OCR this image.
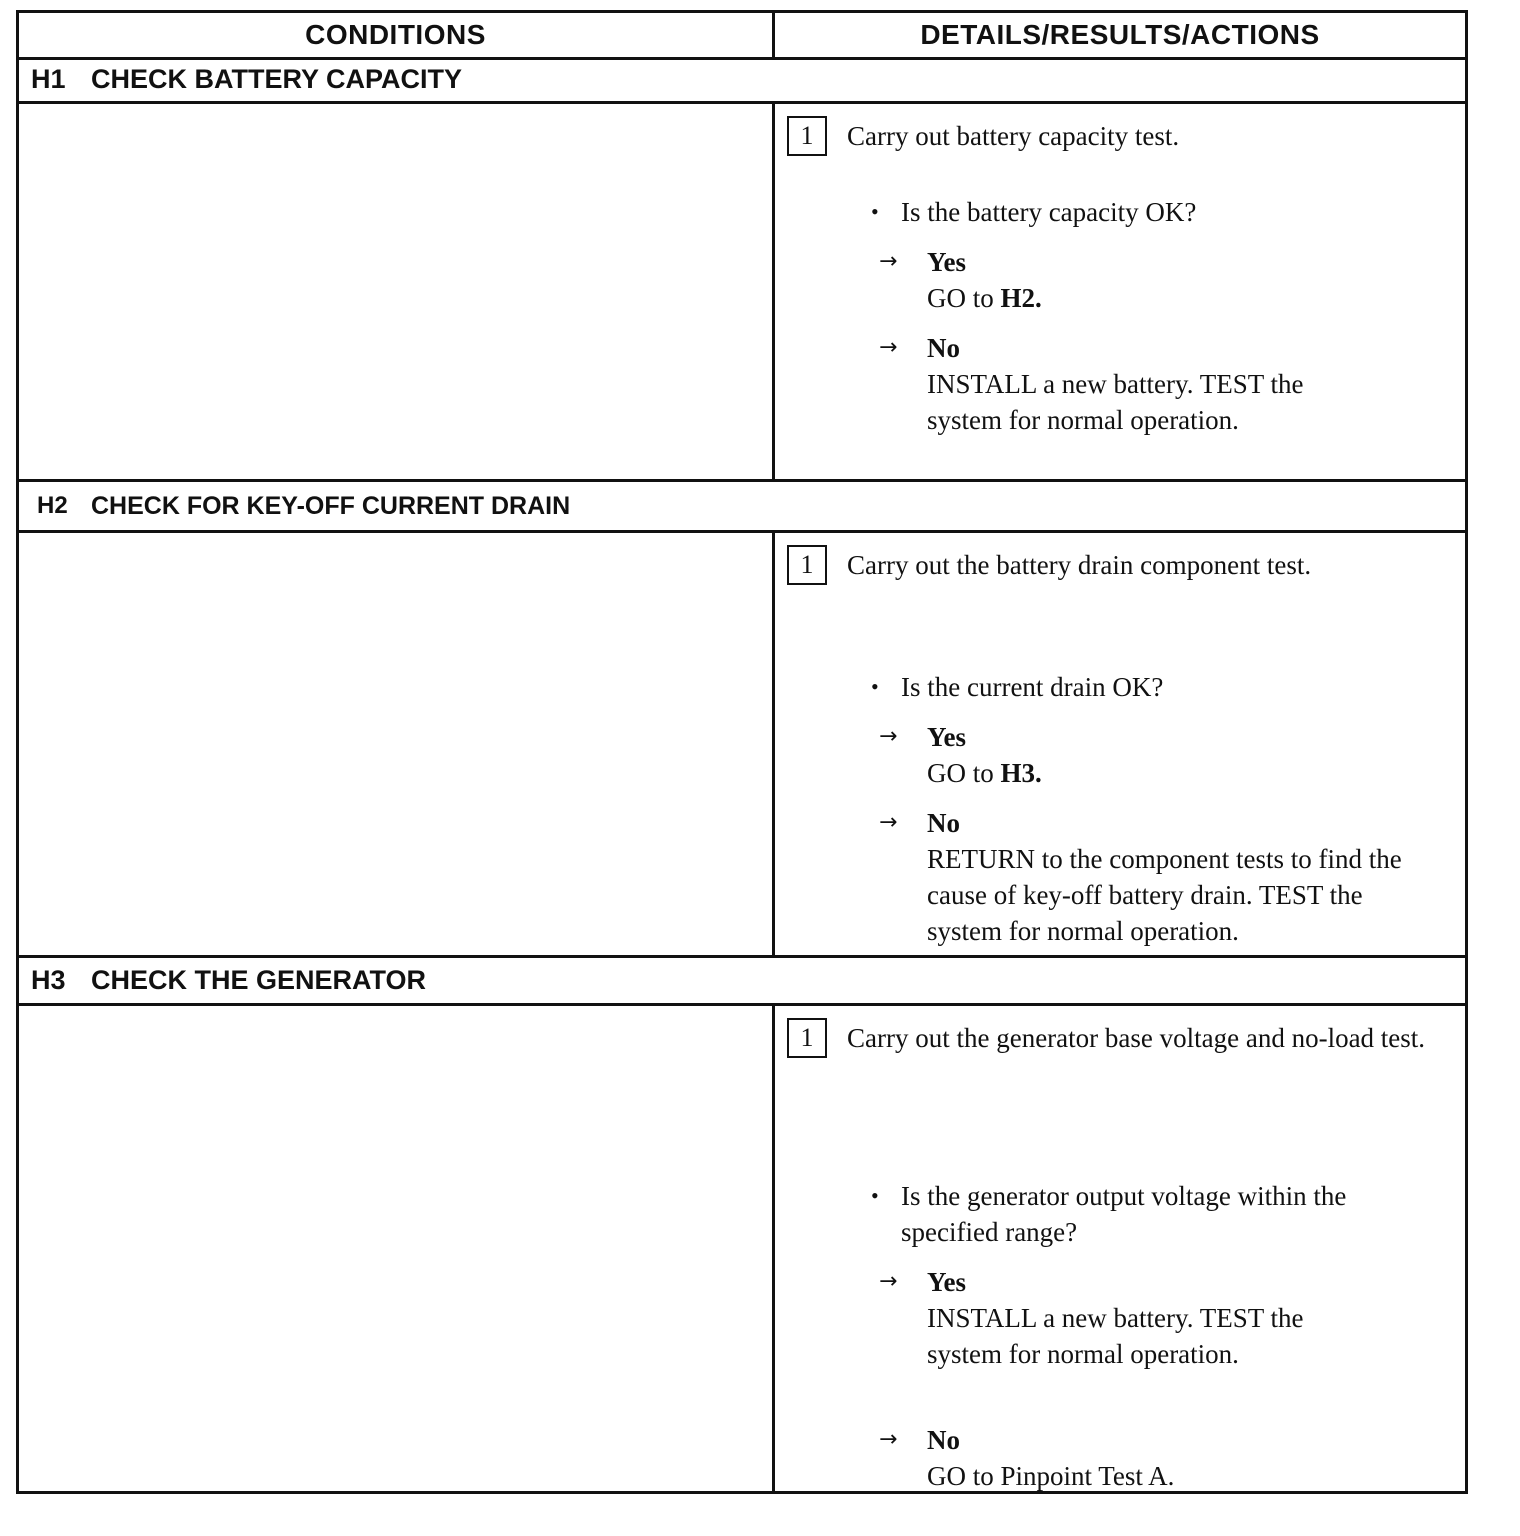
CONDITIONS	DETAILS/RESULTS/ACTIONS
H1 CHECK BATTERY CAPACITY
1	Carry out battery capacity test.
• Is the battery capacity OK?
→ Yes
GO to H2.
→ No
INSTALL a new battery. TEST the system for normal operation.
H2 CHECK FOR KEY-OFF CURRENT DRAIN
1	Carry out the battery drain component test.
• Is the current drain OK?
→ Yes
GO to H3.
→ No
RETURN to the component tests to find the cause of key-off battery drain. TEST the system for normal operation.
H3 CHECK THE GENERATOR
1	Carry out the generator base voltage and no-load test.
• Is the generator output voltage within the specified range?
→ Yes
INSTALL a new battery. TEST the system for normal operation.
→ No
GO to Pinpoint Test A.
